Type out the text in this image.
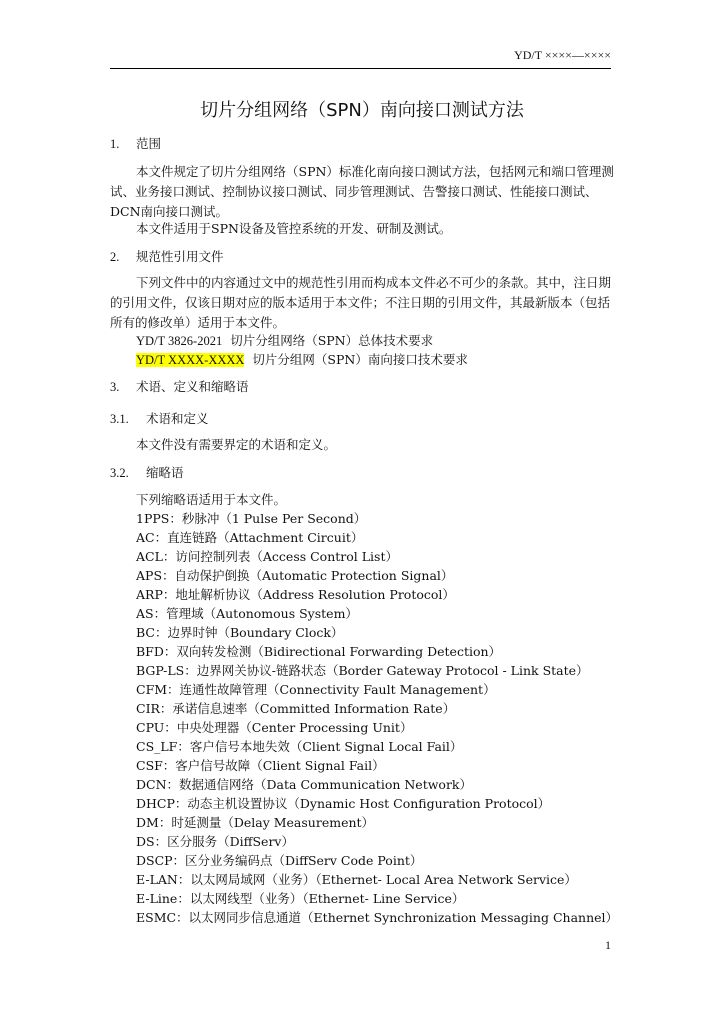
YD/T ××××—××××
切片分组网络（SPN）南向接口测试方法
1. 范围
本文件规定了切片分组网络（SPN）标准化南向接口测试方法，包括网元和端口管理测试、业务接口测试、控制协议接口测试、同步管理测试、告警接口测试、性能接口测试、DCN南向接口测试。
本文件适用于SPN设备及管控系统的开发、研制及测试。
2. 规范性引用文件
下列文件中的内容通过文中的规范性引用而构成本文件必不可少的条款。其中，注日期的引用文件，仅该日期对应的版本适用于本文件；不注日期的引用文件，其最新版本（包括所有的修改单）适用于本文件。
YD/T 3826-2021 切片分组网络（SPN）总体技术要求
YD/T XXXX-XXXX 切片分组网（SPN）南向接口技术要求
3. 术语、定义和缩略语
3.1. 术语和定义
本文件没有需要界定的术语和定义。
3.2. 缩略语
下列缩略语适用于本文件。
1PPS：秒脉冲（1 Pulse Per Second）
AC：直连链路（Attachment Circuit）
ACL：访问控制列表（Access Control List）
APS：自动保护倒换（Automatic Protection Signal）
ARP：地址解析协议（Address Resolution Protocol）
AS：管理域（Autonomous System）
BC：边界时钟（Boundary Clock）
BFD：双向转发检测（Bidirectional Forwarding Detection）
BGP-LS：边界网关协议-链路状态（Border Gateway Protocol - Link State）
CFM：连通性故障管理（Connectivity Fault Management）
CIR：承诺信息速率（Committed Information Rate）
CPU：中央处理器（Center Processing Unit）
CS_LF：客户信号本地失效（Client Signal Local Fail）
CSF：客户信号故障（Client Signal Fail）
DCN：数据通信网络（Data Communication Network）
DHCP：动态主机设置协议（Dynamic Host Configuration Protocol）
DM：时延测量（Delay Measurement）
DS：区分服务（DiffServ）
DSCP：区分业务编码点（DiffServ Code Point）
E-LAN：以太网局域网（业务）（Ethernet- Local Area Network Service）
E-Line：以太网线型（业务）（Ethernet- Line Service）
ESMC：以太网同步信息通道（Ethernet Synchronization Messaging Channel）
1
